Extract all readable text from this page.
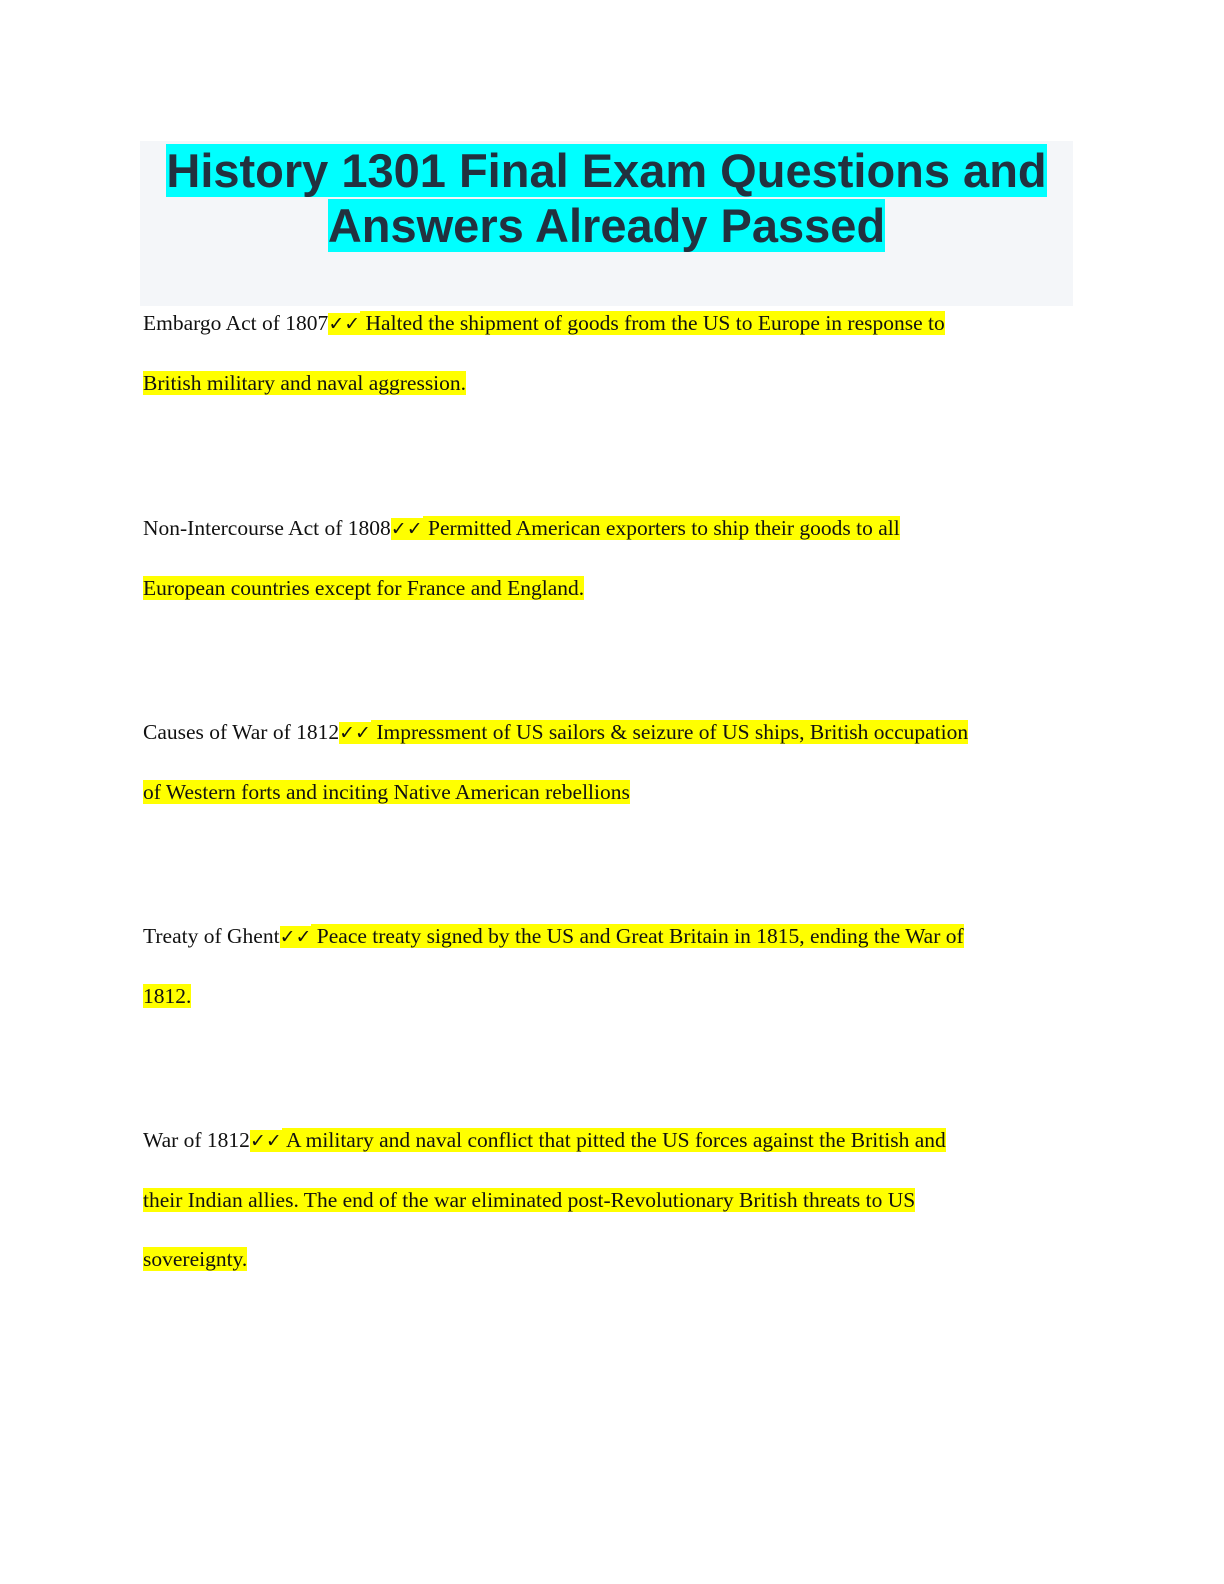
History 1301 Final Exam Questions and
Answers Already Passed

Embargo Act of 1807✓✓ Halted the shipment of goods from the US to Europe in response to
British military and naval aggression.

Non-Intercourse Act of 1808✓✓ Permitted American exporters to ship their goods to all
European countries except for France and England.

Causes of War of 1812✓✓ Impressment of US sailors & seizure of US ships, British occupation
of Western forts and inciting Native American rebellions

Treaty of Ghent✓✓ Peace treaty signed by the US and Great Britain in 1815, ending the War of
1812.

War of 1812✓✓ A military and naval conflict that pitted the US forces against the British and
their Indian allies. The end of the war eliminated post-Revolutionary British threats to US
sovereignty.
